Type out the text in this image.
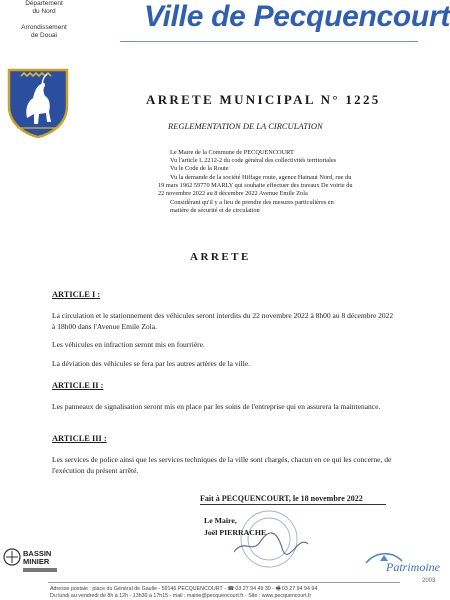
Département
du Nord
Arrondissement
de Douai
Ville de Pecquencourt
ARRETE MUNICIPAL N° 1225
REGLEMENTATION DE LA CIRCULATION
Le Maire de la Commune de PECQUENCOURT
Vu l'article L 2212-2 du code général des collectivités territoriales
Vu le Code de la Route
Vu la demande de la société Hiffage route, agence Hainaut Nord, rue du
19 mars 1962 59770 MARLY qui souhaite effectuer des travaux De voirie du
22 novembre 2022 au 8 décembre 2022 Avenue Emile Zola
Considérant qu'il y a lieu de prendre des mesures particulières en
matière de sécurité et de circulation
ARRETE
ARTICLE I :
La circulation et le stationnement des véhicules seront interdits du 22 novembre 2022 à 8h00 au 8 décembre 2022 à 18h00 dans l'Avenue Emile Zola.
Les véhicules en infraction seront mis en fourrière.
La déviation des véhicules se fera par les autres artères de la ville.
ARTICLE II :
Les panneaux de signalisation seront mis en place par les soins de l'entreprise qui en assurera la maintenance.
ARTICLE III :
Les services de police ainsi que les services techniques de la ville sont chargés, chacun en ce qui les concerne, de l'exécution du présent arrêté.
Fait à PECQUENCOURT, le 18 novembre 2022
Le Maire,
Joël PIERRACHE
BASSIN
MINIER	Patrimoine
2003
Adresse postale : place du Général de Gaulle - 59146 PECQUENCOURT - ☎ 03 27 94 49 30 - 🖷 03 27 94 94 94
Du lundi au vendredi de 8h à 12h - 13h30 à 17h15 - mail : mairie@pecquencourt.fr - Site : www.pecquencourt.fr
